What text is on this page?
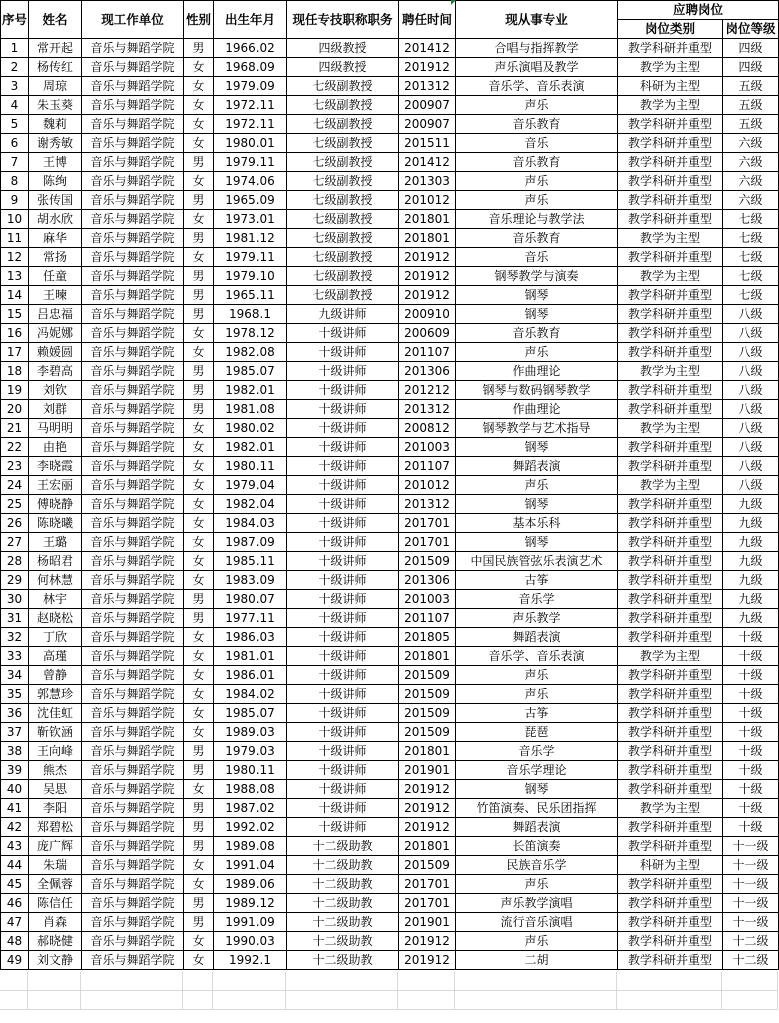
序号	姓名	现工作单位	性别	出生年月	现任专技职称职务	聘任时间	现从事专业	应聘岗位	
								岗位类别	岗位等级
1	常开起	音乐与舞蹈学院	男	1966.02	四级教授	201412	合唱与指挥教学	教学科研并重型	四级
2	杨传红	音乐与舞蹈学院	女	1968.09	四级教授	201912	声乐演唱及教学	教学为主型	四级
3	周琼	音乐与舞蹈学院	女	1979.09	七级副教授	201312	音乐学、音乐表演	科研为主型	五级
4	朱玉葵	音乐与舞蹈学院	女	1972.11	七级副教授	200907	声乐	教学为主型	五级
5	魏莉	音乐与舞蹈学院	女	1972.11	七级副教授	200907	音乐教育	教学科研并重型	五级
6	谢秀敏	音乐与舞蹈学院	女	1980.01	七级副教授	201511	音乐	教学科研并重型	六级
7	王博	音乐与舞蹈学院	男	1979.11	七级副教授	201412	音乐教育	教学科研并重型	六级
8	陈绚	音乐与舞蹈学院	女	1974.06	七级副教授	201303	声乐	教学科研并重型	六级
9	张传国	音乐与舞蹈学院	男	1965.09	七级副教授	201012	声乐	教学科研并重型	六级
10	胡水欣	音乐与舞蹈学院	女	1973.01	七级副教授	201801	音乐理论与教学法	教学科研并重型	七级
11	麻华	音乐与舞蹈学院	男	1981.12	七级副教授	201801	音乐教育	教学为主型	七级
12	常扬	音乐与舞蹈学院	女	1979.11	七级副教授	201912	音乐	教学科研并重型	七级
13	任童	音乐与舞蹈学院	男	1979.10	七级副教授	201912	钢琴教学与演奏	教学为主型	七级
14	王暕	音乐与舞蹈学院	男	1965.11	七级副教授	201912	钢琴	教学科研并重型	七级
15	吕忠福	音乐与舞蹈学院	男	1968.1	九级讲师	200910	钢琴	教学科研并重型	八级
16	冯妮娜	音乐与舞蹈学院	女	1978.12	十级讲师	200609	音乐教育	教学科研并重型	八级
17	赖媛圆	音乐与舞蹈学院	女	1982.08	十级讲师	201107	声乐	教学科研并重型	八级
18	李碧高	音乐与舞蹈学院	男	1985.07	十级讲师	201306	作曲理论	教学为主型	八级
19	刘钦	音乐与舞蹈学院	男	1982.01	十级讲师	201212	钢琴与数码钢琴教学	教学科研并重型	八级
20	刘群	音乐与舞蹈学院	男	1981.08	十级讲师	201312	作曲理论	教学科研并重型	八级
21	马明明	音乐与舞蹈学院	女	1980.02	十级讲师	200812	钢琴教学与艺术指导	教学为主型	八级
22	由艳	音乐与舞蹈学院	女	1982.01	十级讲师	201003	钢琴	教学科研并重型	八级
23	李晓霞	音乐与舞蹈学院	女	1980.11	十级讲师	201107	舞蹈表演	教学科研并重型	八级
24	王宏丽	音乐与舞蹈学院	女	1979.04	十级讲师	201012	声乐	教学为主型	八级
25	傅晓静	音乐与舞蹈学院	女	1982.04	十级讲师	201312	钢琴	教学科研并重型	九级
26	陈晓曦	音乐与舞蹈学院	女	1984.03	十级讲师	201701	基本乐科	教学科研并重型	九级
27	王璐	音乐与舞蹈学院	女	1987.09	十级讲师	201701	钢琴	教学科研并重型	九级
28	杨昭君	音乐与舞蹈学院	女	1985.11	十级讲师	201509	中国民族管弦乐表演艺术	教学科研并重型	九级
29	何林慧	音乐与舞蹈学院	女	1983.09	十级讲师	201306	古筝	教学科研并重型	九级
30	林宇	音乐与舞蹈学院	男	1980.07	十级讲师	201003	音乐学	教学科研并重型	九级
31	赵晓松	音乐与舞蹈学院	男	1977.11	十级讲师	201107	声乐教学	教学科研并重型	九级
32	丁欣	音乐与舞蹈学院	女	1986.03	十级讲师	201805	舞蹈表演	教学科研并重型	十级
33	高瑾	音乐与舞蹈学院	女	1981.01	十级讲师	201801	音乐学、音乐表演	教学为主型	十级
34	曾静	音乐与舞蹈学院	女	1986.01	十级讲师	201509	声乐	教学科研并重型	十级
35	郭慧珍	音乐与舞蹈学院	女	1984.02	十级讲师	201509	声乐	教学科研并重型	十级
36	沈佳虹	音乐与舞蹈学院	女	1985.07	十级讲师	201509	古筝	教学科研并重型	十级
37	靳钦涵	音乐与舞蹈学院	女	1989.03	十级讲师	201509	琵琶	教学科研并重型	十级
38	王向峰	音乐与舞蹈学院	男	1979.03	十级讲师	201801	音乐学	教学科研并重型	十级
39	熊杰	音乐与舞蹈学院	男	1980.11	十级讲师	201901	音乐学理论	教学科研并重型	十级
40	吴思	音乐与舞蹈学院	女	1988.08	十级讲师	201912	钢琴	教学科研并重型	十级
41	李阳	音乐与舞蹈学院	男	1987.02	十级讲师	201912	竹笛演奏、民乐团指挥	教学为主型	十级
42	郑碧松	音乐与舞蹈学院	男	1992.02	十级讲师	201912	舞蹈表演	教学科研并重型	十级
43	庞广辉	音乐与舞蹈学院	男	1989.08	十二级助教	201801	长笛演奏	教学科研并重型	十一级
44	朱瑞	音乐与舞蹈学院	女	1991.04	十二级助教	201509	民族音乐学	科研为主型	十一级
45	全佩蓉	音乐与舞蹈学院	女	1989.06	十二级助教	201701	声乐	教学科研并重型	十一级
46	陈信任	音乐与舞蹈学院	男	1989.12	十二级助教	201701	声乐教学演唱	教学科研并重型	十一级
47	肖森	音乐与舞蹈学院	男	1991.09	十二级助教	201901	流行音乐演唱	教学科研并重型	十一级
48	郝晓健	音乐与舞蹈学院	女	1990.03	十二级助教	201912	声乐	教学科研并重型	十二级
49	刘文静	音乐与舞蹈学院	女	1992.1	十二级助教	201912	二胡	教学科研并重型	十二级
